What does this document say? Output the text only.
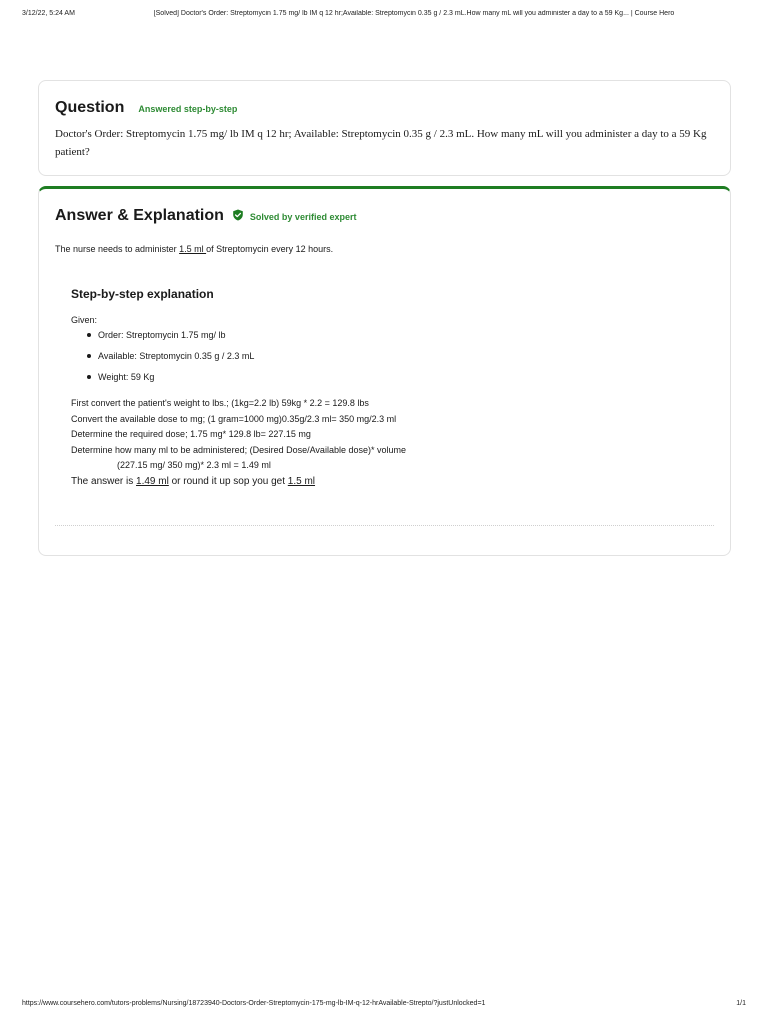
3/12/22, 5:24 AM	[Solved] Doctor's Order: Streptomycin 1.75 mg/ lb IM q 12 hr;Available: Streptomycin 0.35 g / 2.3 mL.How many mL will you administer a day to a 59 Kg... | Course Hero
Question Answered step-by-step

Doctor's Order: Streptomycin 1.75 mg/ lb IM q 12 hr; Available: Streptomycin 0.35 g / 2.3 mL. How many mL will you administer a day to a 59 Kg patient?

Answer & Explanation	Solved by verified expert

The nurse needs to administer 1.5 ml of Streptomycin every 12 hours.

Step-by-step explanation

Given:

Order: Streptomycin 1.75 mg/ lb
Available: Streptomycin 0.35 g / 2.3 mL
Weight: 59 Kg
First convert the patient's weight to lbs.; (1kg=2.2 lb) 59kg * 2.2 = 129.8 lbs
Convert the available dose to mg; (1 gram=1000 mg)0.35g/2.3 ml= 350 mg/2.3 ml
Determine the required dose; 1.75 mg* 129.8 lb= 227.15 mg
Determine how many ml to be administered; (Desired Dose/Available dose)* volume
(227.15 mg/ 350 mg)* 2.3 ml = 1.49 ml
The answer is 1.49 ml or round it up sop you get 1.5 ml
https://www.coursehero.com/tutors-problems/Nursing/18723940-Doctors-Order-Streptomycin-175-mg-lb-IM-q-12-hrAvailable-Strepto/?justUnlocked=1	1/1
